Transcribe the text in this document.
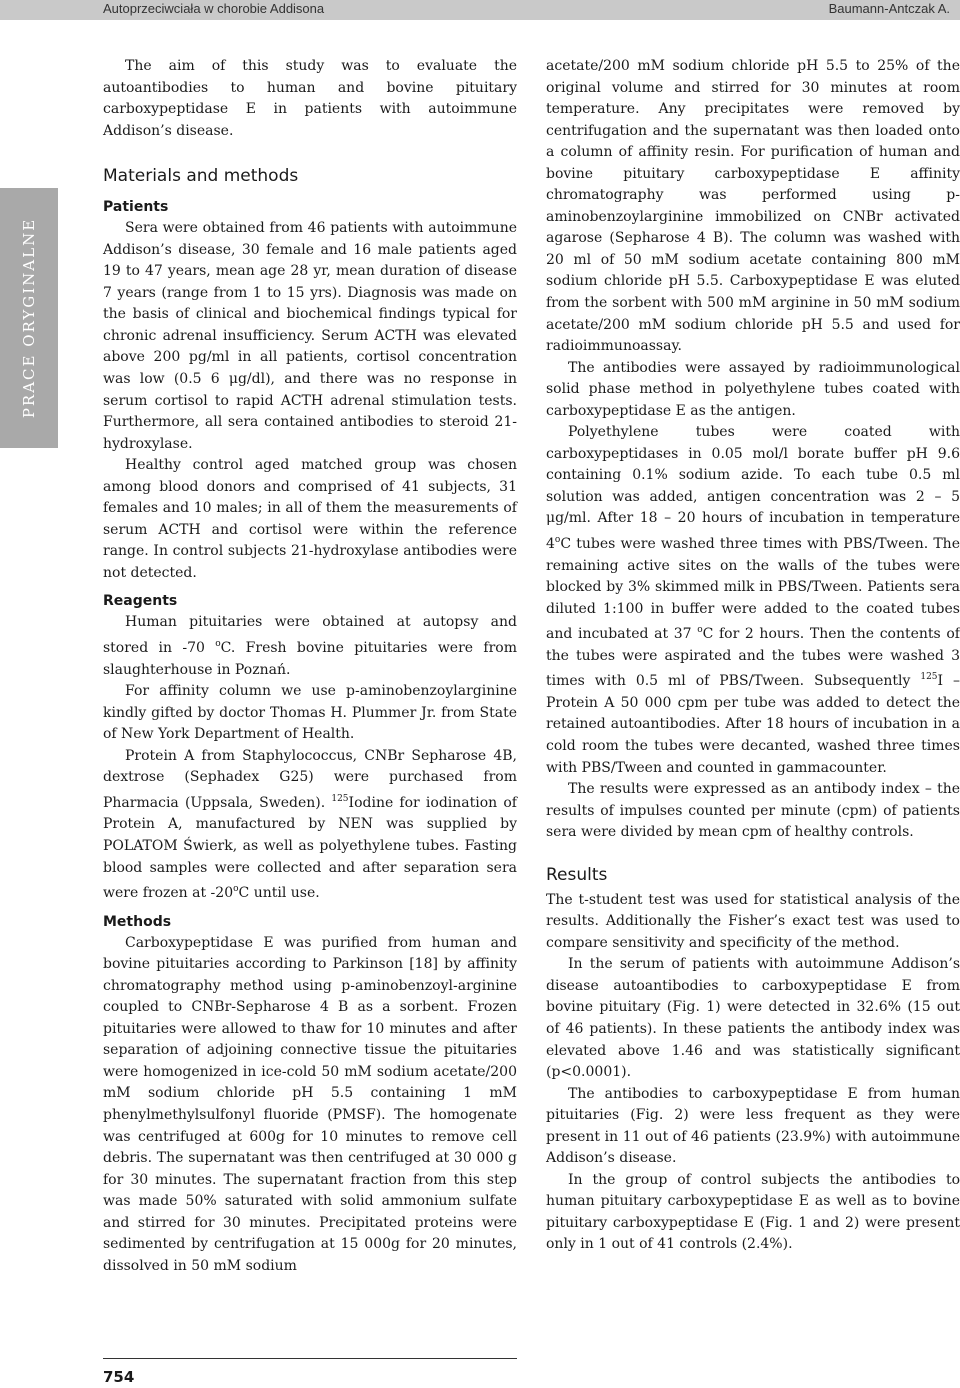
Autoprzeciwciała w chorobie Addisona	Baumann-Antczak A.
PRACE ORYGINALNE

The aim of this study was to evaluate the autoantibodies to human and bovine pituitary carboxypeptidase E in patients with autoimmune Addison’s disease.

Materials and methods
Patients

Sera were obtained from 46 patients with autoimmune Addison’s disease, 30 female and 16 male patients aged 19 to 47 years, mean age 28 yr, mean duration of disease 7 years (range from 1 to 15 yrs). Diagnosis was made on the basis of clinical and biochemical findings typical for chronic adrenal insufficiency. Serum ACTH was elevated above 200 pg/ml in all patients, cortisol concentration was low (0.5 6 μg/dl), and there was no response in serum cortisol to rapid ACTH adrenal stimulation tests. Furthermore, all sera contained antibodies to steroid 21-hydroxylase.

Healthy control aged matched group was chosen among blood donors and comprised of 41 subjects, 31 females and 10 males; in all of them the measurements of serum ACTH and cortisol were within the reference range. In control subjects 21-hydroxylase antibodies were not detected.

Reagents

Human pituitaries were obtained at autopsy and stored in -70 $^o$C. Fresh bovine pituitaries were from slaughterhouse in Poznań.

For affinity column we use p-aminobenzoylarginine kindly gifted by doctor Thomas H. Plummer Jr. from State of New York Department of Health.

Protein A from Staphylococcus, CNBr Sepharose 4B, dextrose (Sephadex G25) were purchased from Pharmacia (Uppsala, Sweden). $^{125}$Iodine for iodination of Protein A, manufactured by NEN was supplied by POLATOM Świerk, as well as polyethylene tubes. Fasting blood samples were collected and after separation sera were frozen at -20$^o$C until use.

Methods

Carboxypeptidase E was purified from human and bovine pituitaries according to Parkinson [18] by affinity chromatography method using p-aminobenzoyl-arginine coupled to CNBr-Sepharose 4 B as a sorbent. Frozen pituitaries were allowed to thaw for 10 minutes and after separation of adjoining connective tissue the pituitaries were homogenized in ice-cold 50 mM sodium acetate/200 mM sodium chloride pH 5.5 containing 1 mM phenylmethylsulfonyl fluoride (PMSF). The homogenate was centrifuged at 600g for 10 minutes to remove cell debris. The supernatant was then centrifuged at 30 000 g for 30 minutes. The supernatant fraction from this step was made 50% saturated with solid ammonium sulfate and stirred for 30 minutes. Precipitated proteins were sedimented by centrifugation at 15 000g for 20 minutes, dissolved in 50 mM sodium

acetate/200 mM sodium chloride pH 5.5 to 25% of the original volume and stirred for 30 minutes at room temperature. Any precipitates were removed by centrifugation and the supernatant was then loaded onto a column of affinity resin. For purification of human and bovine pituitary carboxypeptidase E affinity chromatography was performed using p-aminobenzoylarginine immobilized on CNBr activated agarose (Sepharose 4 B). The column was washed with 20 ml of 50 mM sodium acetate containing 800 mM sodium chloride pH 5.5. Carboxypeptidase E was eluted from the sorbent with 500 mM arginine in 50 mM sodium acetate/200 mM sodium chloride pH 5.5 and used for radioimmunoassay.

The antibodies were assayed by radioimmunological solid phase method in polyethylene tubes coated with carboxypeptidase E as the antigen.

Polyethylene tubes were coated with carboxypeptidases in 0.05 mol/l borate buffer pH 9.6 containing 0.1% sodium azide. To each tube 0.5 ml solution was added, antigen concentration was 2 – 5 μg/ml. After 18 – 20 hours of incubation in temperature 4$^o$C tubes were washed three times with PBS/Tween. The remaining active sites on the walls of the tubes were blocked by 3% skimmed milk in PBS/Tween. Patients sera diluted 1:100 in buffer were added to the coated tubes and incubated at 37 $^o$C for 2 hours. Then the contents of the tubes were aspirated and the tubes were washed 3 times with 0.5 ml of PBS/Tween. Subsequently $^{125}$I –Protein A 50 000 cpm per tube was added to detect the retained autoantibodies. After 18 hours of incubation in a cold room the tubes were decanted, washed three times with PBS/Tween and counted in gammacounter.

The results were expressed as an antibody index – the results of impulses counted per minute (cpm) of patients sera were divided by mean cpm of healthy controls.

Results

The t-student test was used for statistical analysis of the results. Additionally the Fisher’s exact test was used to compare sensitivity and specificity of the method.

In the serum of patients with autoimmune Addison’s disease autoantibodies to carboxypeptidase E from bovine pituitary (Fig. 1) were detected in 32.6% (15 out of 46 patients). In these patients the antibody index was elevated above 1.46 and was statistically significant (p<0.0001).

The antibodies to carboxypeptidase E from human pituitaries (Fig. 2) were less frequent as they were present in 11 out of 46 patients (23.9%) with autoimmune Addison’s disease.

In the group of control subjects the antibodies to human pituitary carboxypeptidase E as well as to bovine pituitary carboxypeptidase E (Fig. 1 and 2) were present only in 1 out of 41 controls (2.4%).

754
